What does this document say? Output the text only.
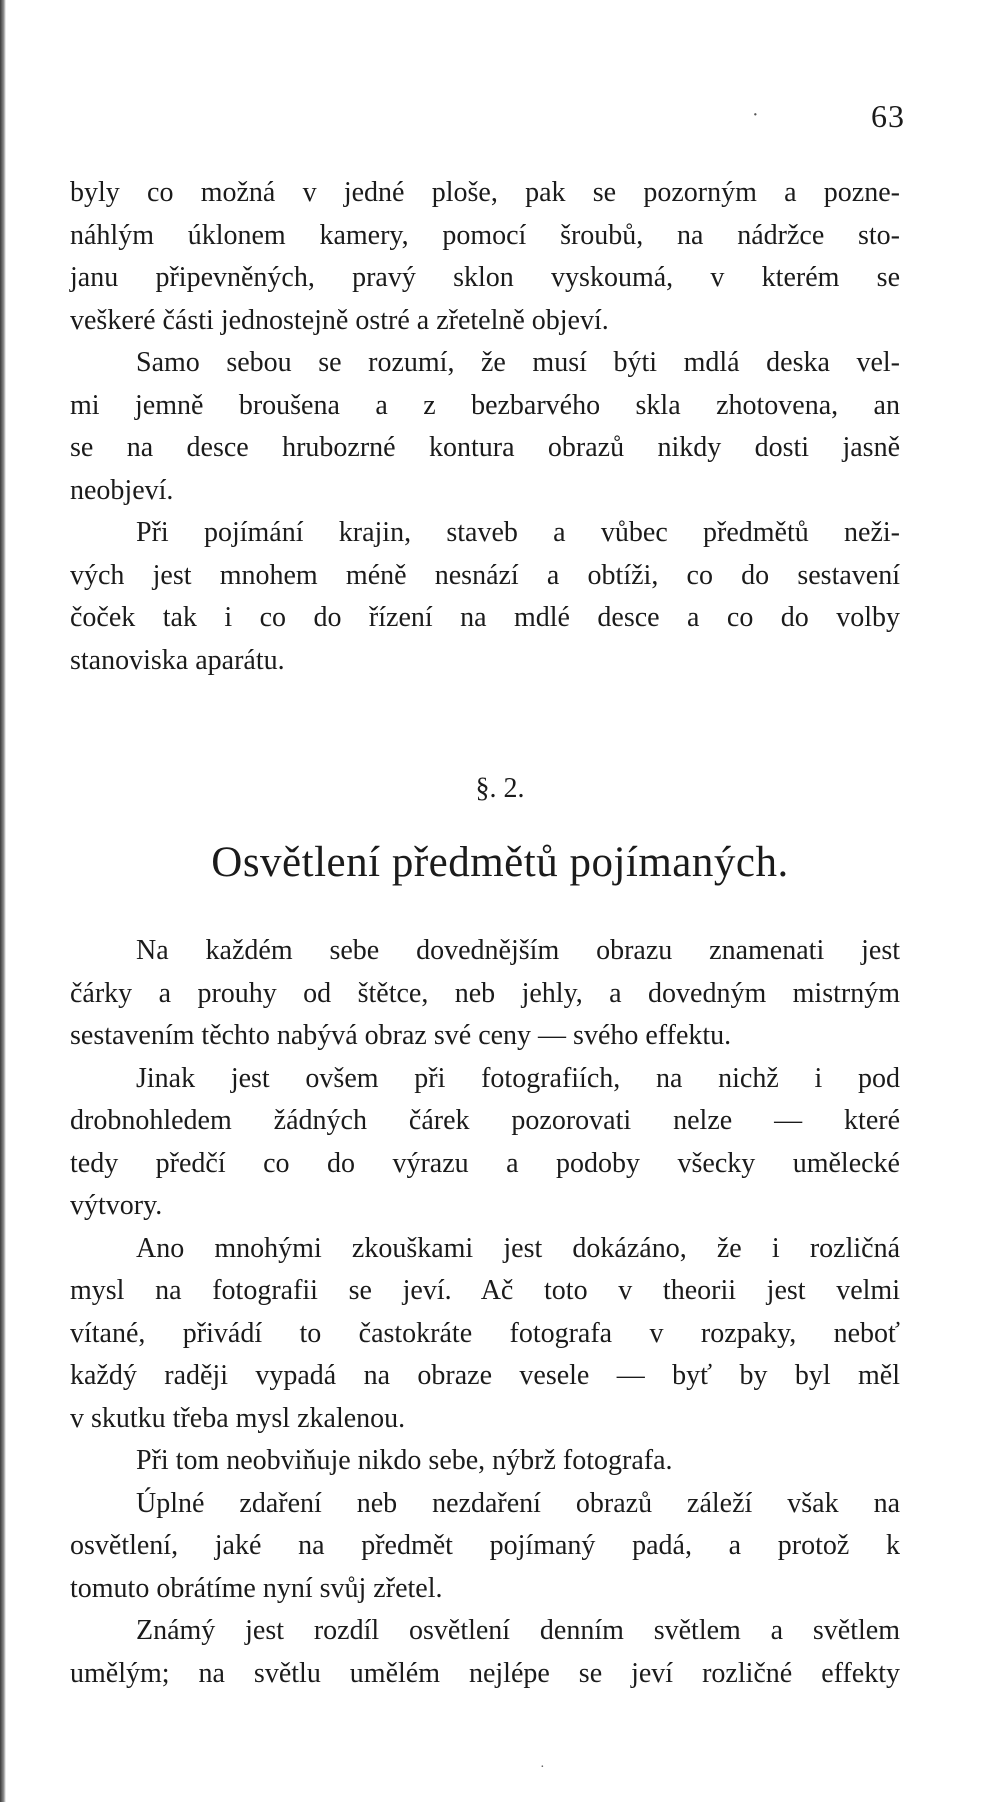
·	63
byly co možná v jedné ploše, pak se pozorným a pozne-
náhlým úklonem kamery, pomocí šroubů, na nádržce sto-
janu připevněných, pravý sklon vyskoumá, v kterém se
veškeré části jednostejně ostré a zřetelně objeví.
Samo sebou se rozumí, že musí býti mdlá deska vel-
mi jemně broušena a z bezbarvého skla zhotovena, an
se na desce hrubozrné kontura obrazů nikdy dosti jasně
neobjeví.
Při pojímání krajin, staveb a vůbec předmětů neži-
vých jest mnohem méně nesnází a obtíži, co do sestavení
čoček tak i co do řízení na mdlé desce a co do volby
stanoviska aparátu.
§. 2.
Osvětlení předmětů pojímaných.
Na každém sebe dovednějším obrazu znamenati jest
čárky a prouhy od štětce, neb jehly, a dovedným mistrným
sestavením těchto nabývá obraz své ceny — svého effektu.
Jinak jest ovšem při fotografiích, na nichž i pod
drobnohledem žádných čárek pozorovati nelze — které
tedy předčí co do výrazu a podoby všecky umělecké
výtvory.
Ano mnohými zkouškami jest dokázáno, že i rozličná
mysl na fotografii se jeví. Ač toto v theorii jest velmi
vítané, přivádí to častokráte fotografa v rozpaky, neboť
každý raději vypadá na obraze vesele — byť by byl měl
v skutku třeba mysl zkalenou.
Při tom neobviňuje nikdo sebe, nýbrž fotografa.
Úplné zdaření neb nezdaření obrazů záleží však na
osvětlení, jaké na předmět pojímaný padá, a protož k
tomuto obrátíme nyní svůj zřetel.
Známý jest rozdíl osvětlení denním světlem a světlem
umělým; na světlu umělém nejlépe se jeví rozličné effekty
·
